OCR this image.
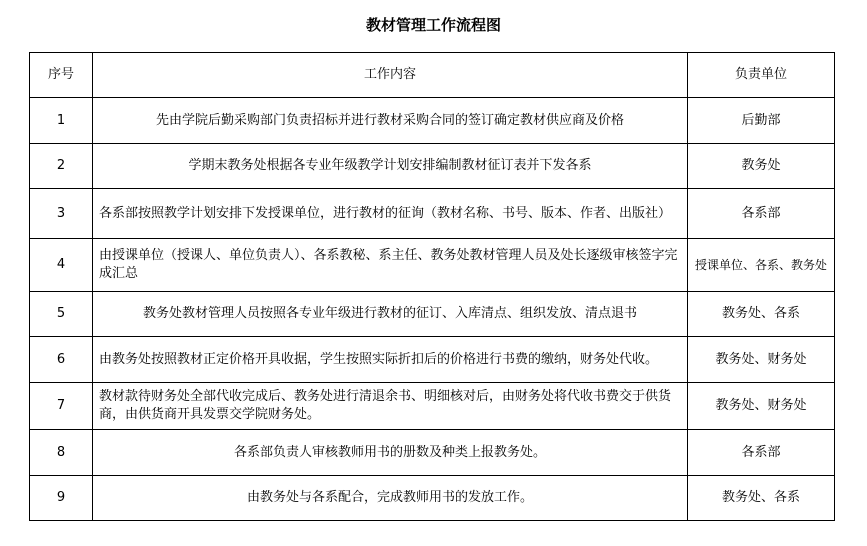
教材管理工作流程图
序号	工作内容	负责单位
1	先由学院后勤采购部门负责招标并进行教材采购合同的签订确定教材供应商及价格	后勤部
2	学期末教务处根据各专业年级教学计划安排编制教材征订表并下发各系	教务处
3	各系部按照教学计划安排下发授课单位，进行教材的征询（教材名称、书号、版本、作者、出版社）	各系部
4	由授课单位（授课人、单位负责人）、各系教秘、系主任、教务处教材管理人员及处长逐级审核签字完成汇总	授课单位、各系、教务处
5	教务处教材管理人员按照各专业年级进行教材的征订、入库清点、组织发放、清点退书	教务处、各系
6	由教务处按照教材正定价格开具收据，学生按照实际折扣后的价格进行书费的缴纳，财务处代收。	教务处、财务处
7	教材款待财务处全部代收完成后、教务处进行清退余书、明细核对后，由财务处将代收书费交于供货商，由供货商开具发票交学院财务处。	教务处、财务处
8	各系部负责人审核教师用书的册数及种类上报教务处。	各系部
9	由教务处与各系配合，完成教师用书的发放工作。	教务处、各系
